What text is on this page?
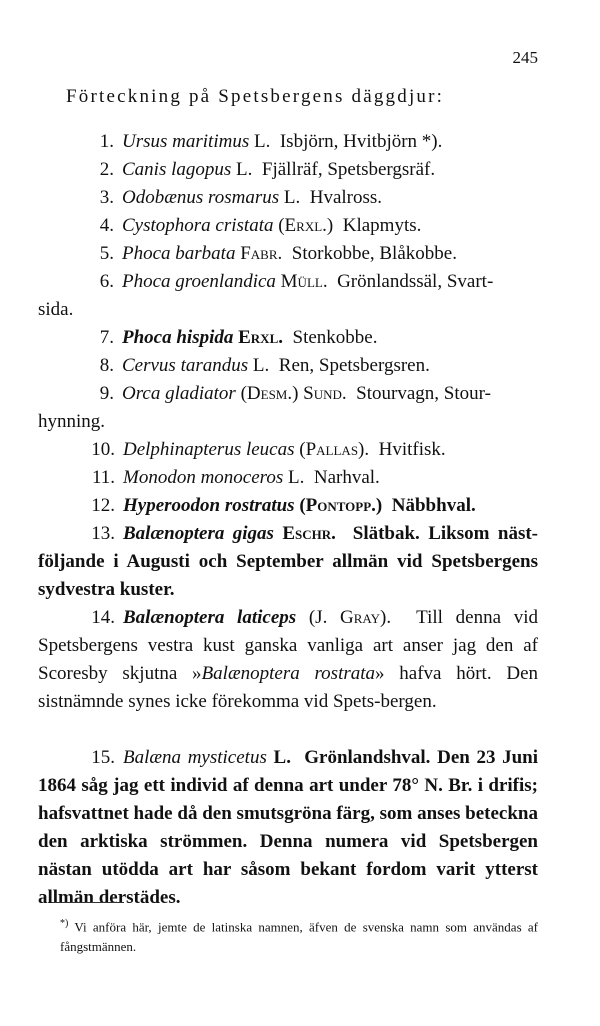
245
Förteckning på Spetsbergens däggdjur:
1. Ursus maritimus L. Isbjörn, Hvitbjörn *).
2. Canis lagopus L. Fjällräf, Spetsbergsräf.
3. Odobænus rosmarus L. Hvalross.
4. Cystophora cristata (Erxl.) Klapmyts.
5. Phoca barbata Fabr. Storkobbe, Blåkobbe.
6. Phoca groenlandica Müll. Grönlandssäl, Svart-
sida.
7. Phoca hispida Erxl. Stenkobbe.
8. Cervus tarandus L. Ren, Spetsbergsren.
9. Orca gladiator (Desm.) Sund. Stourvagn, Stour-
hynning.
10. Delphinapterus leucas (Pallas). Hvitfisk.
11. Monodon monoceros L. Narhval.
12. Hyperoodon rostratus (Pontopp.) Näbbhval.
13. Balænoptera gigas Eschr. Slätbak. Liksom näst-följande i Augusti och September allmän vid Spetsbergens sydvestra kuster.
14. Balænoptera laticeps (J. Gray). Till denna vid Spetsbergens vestra kust ganska vanliga art anser jag den af Scoresby skjutna »Balænoptera rostrata» hafva hört. Den sistnämnde synes icke förekomma vid Spets-bergen.
15. Balæna mysticetus L. Grönlandshval. Den 23 Juni 1864 såg jag ett individ af denna art under 78° N. Br. i drifis; hafsvattnet hade då den smutsgröna färg, som anses beteckna den arktiska strömmen. Denna numera vid Spetsbergen nästan utödda art har såsom bekant fordom varit ytterst allmän derstädes.
*) Vi anföra här, jemte de latinska namnen, äfven de svenska namn som användas af fångstmännen.
